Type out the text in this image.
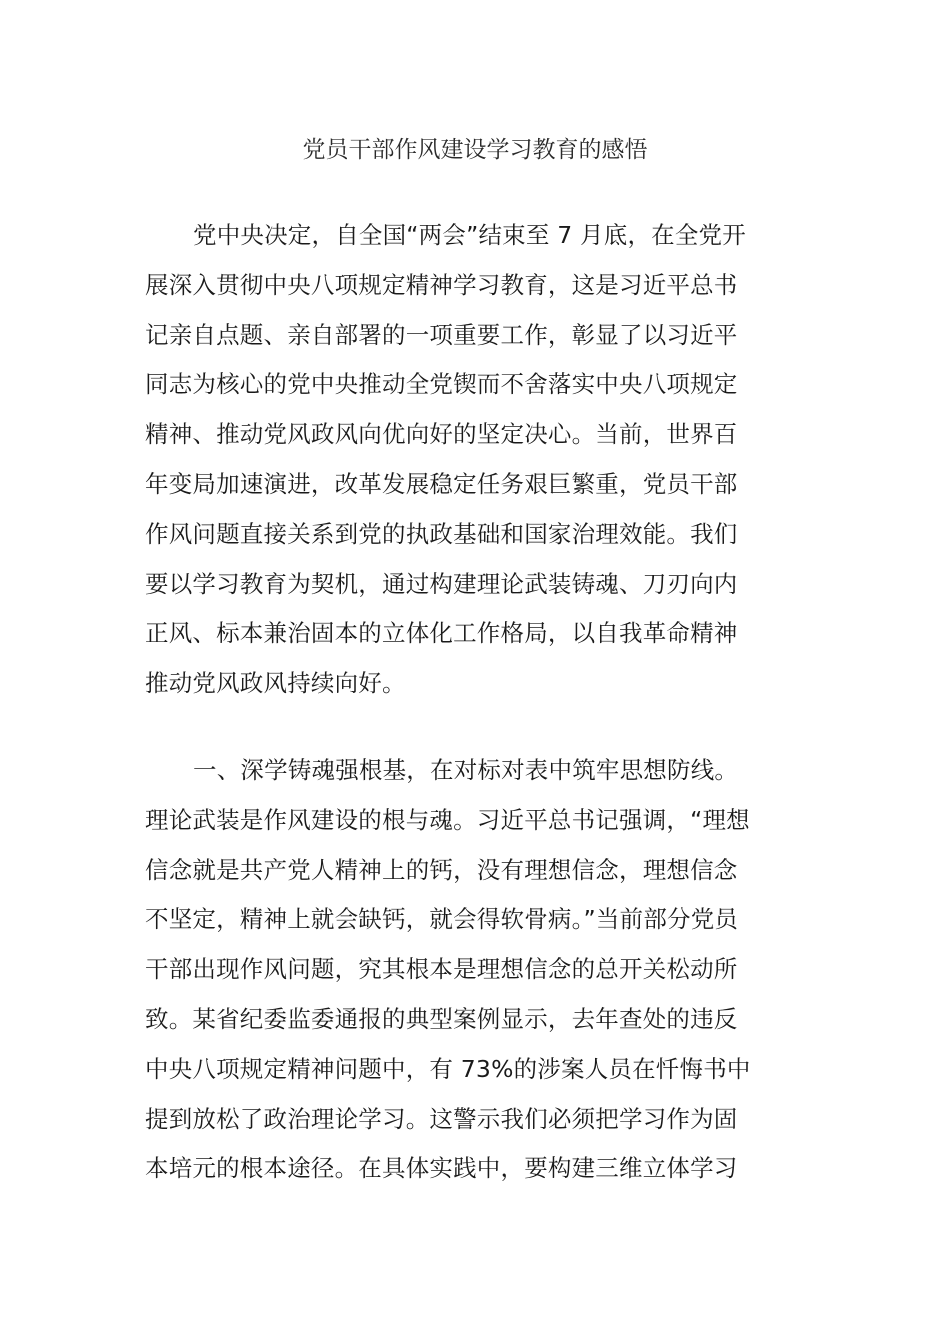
党员干部作风建设学习教育的感悟
党中央决定，自全国“两会”结束至 7 月底，在全党开
展深入贯彻中央八项规定精神学习教育，这是习近平总书
记亲自点题、亲自部署的一项重要工作，彰显了以习近平
同志为核心的党中央推动全党锲而不舍落实中央八项规定
精神、推动党风政风向优向好的坚定决心。当前，世界百
年变局加速演进，改革发展稳定任务艰巨繁重，党员干部
作风问题直接关系到党的执政基础和国家治理效能。我们
要以学习教育为契机，通过构建理论武装铸魂、刀刃向内
正风、标本兼治固本的立体化工作格局，以自我革命精神
推动党风政风持续向好。
一、深学铸魂强根基，在对标对表中筑牢思想防线。
理论武装是作风建设的根与魂。习近平总书记强调，“理想
信念就是共产党人精神上的钙，没有理想信念，理想信念
不坚定，精神上就会缺钙，就会得软骨病。”当前部分党员
干部出现作风问题，究其根本是理想信念的总开关松动所
致。某省纪委监委通报的典型案例显示，去年查处的违反
中央八项规定精神问题中，有 73%的涉案人员在忏悔书中
提到放松了政治理论学习。这警示我们必须把学习作为固
本培元的根本途径。在具体实践中，要构建三维立体学习
